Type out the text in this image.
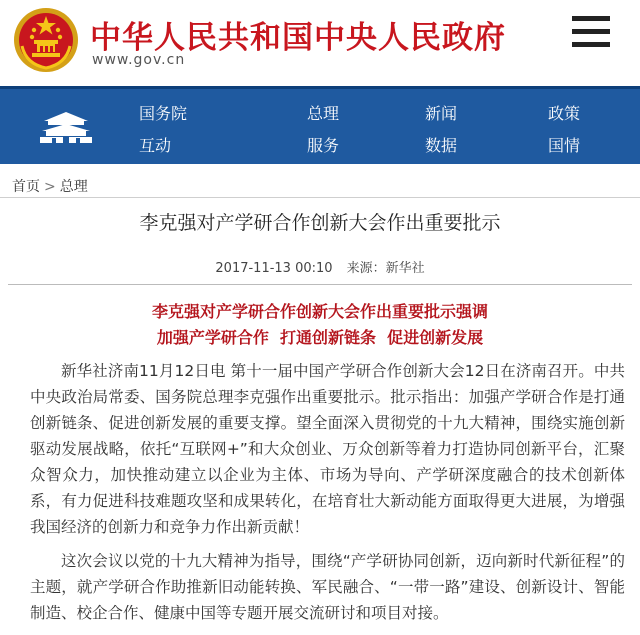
中华人民共和国中央人民政府
www.gov.cn
国务院
互动
总理
服务
新闻
数据
政策
国情
首页 > 总理
李克强对产学研合作创新大会作出重要批示
2017-11-13 00:10 来源：新华社
李克强对产学研合作创新大会作出重要批示强调
加强产学研合作  打通创新链条  促进创新发展
新华社济南11月12日电 第十一届中国产学研合作创新大会12日在济南召开。中共中央政治局常委、国务院总理李克强作出重要批示。批示指出：加强产学研合作是打通创新链条、促进创新发展的重要支撑。望全面深入贯彻党的十九大精神，围绕实施创新驱动发展战略，依托“互联网+”和大众创业、万众创新等着力打造协同创新平台，汇聚众智众力，加快推动建立以企业为主体、市场为导向、产学研深度融合的技术创新体系，有力促进科技难题攻坚和成果转化，在培育壮大新动能方面取得更大进展，为增强我国经济的创新力和竞争力作出新贡献！
这次会议以党的十九大精神为指导，围绕“产学研协同创新，迈向新时代新征程”的主题，就产学研合作助推新旧动能转换、军民融合、“一带一路”建设、创新设计、智能制造、校企合作、健康中国等专题开展交流研讨和项目对接。
